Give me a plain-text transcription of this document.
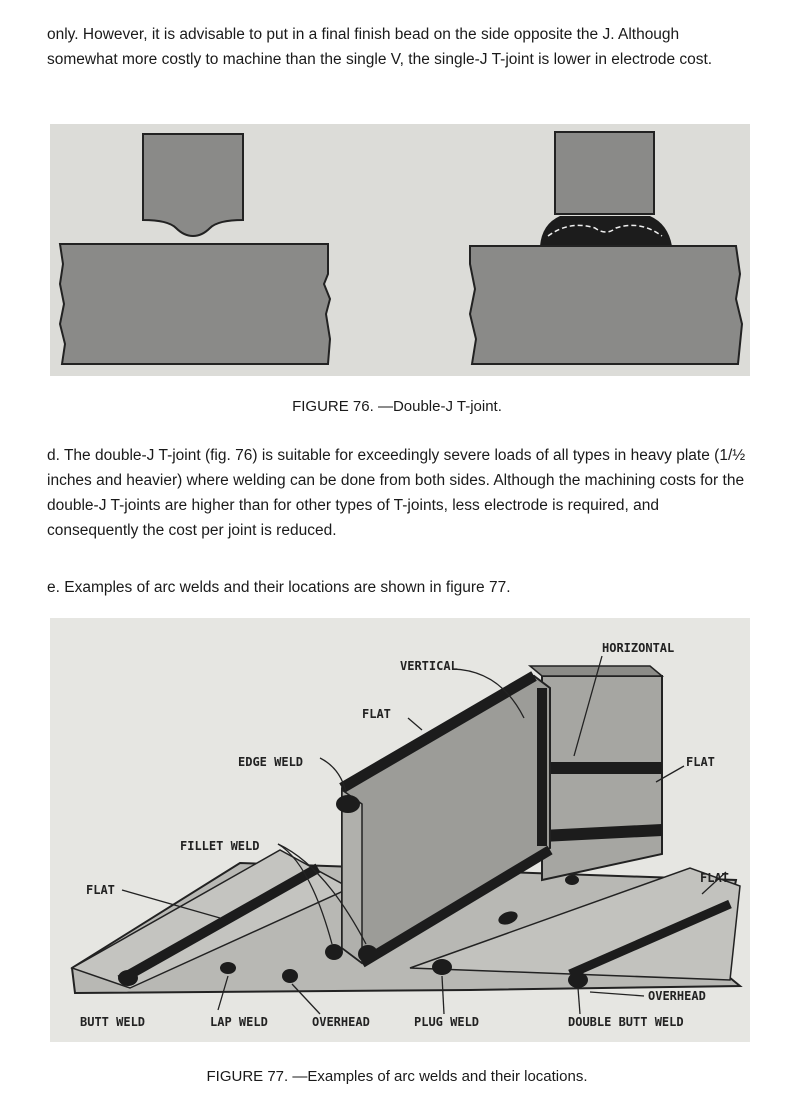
only. However, it is advisable to put in a final finish bead on the side opposite the J. Although somewhat more costly to machine than the single V, the single-J T-joint is lower in electrode cost.

FIGURE 76. —Double-J T-joint.

d. The double-J T-joint (fig. 76) is suitable for exceedingly severe loads of all types in heavy plate (1/½ inches and heavier) where welding can be done from both sides. Although the machining costs for the double-J T-joints are higher than for other types of T-joints, less electrode is required, and consequently the cost per joint is reduced.

e. Examples of arc welds and their locations are shown in figure 77.

HORIZONTAL
VERTICAL
FLAT
EDGE WELD	FLAT
FILLET WELD
FLAT
FLAT
OVERHEAD
BUTT WELD	LAP WELD	OVERHEAD	PLUG WELD	DOUBLE BUTT WELD

FIGURE 77. —Examples of arc welds and their locations.
